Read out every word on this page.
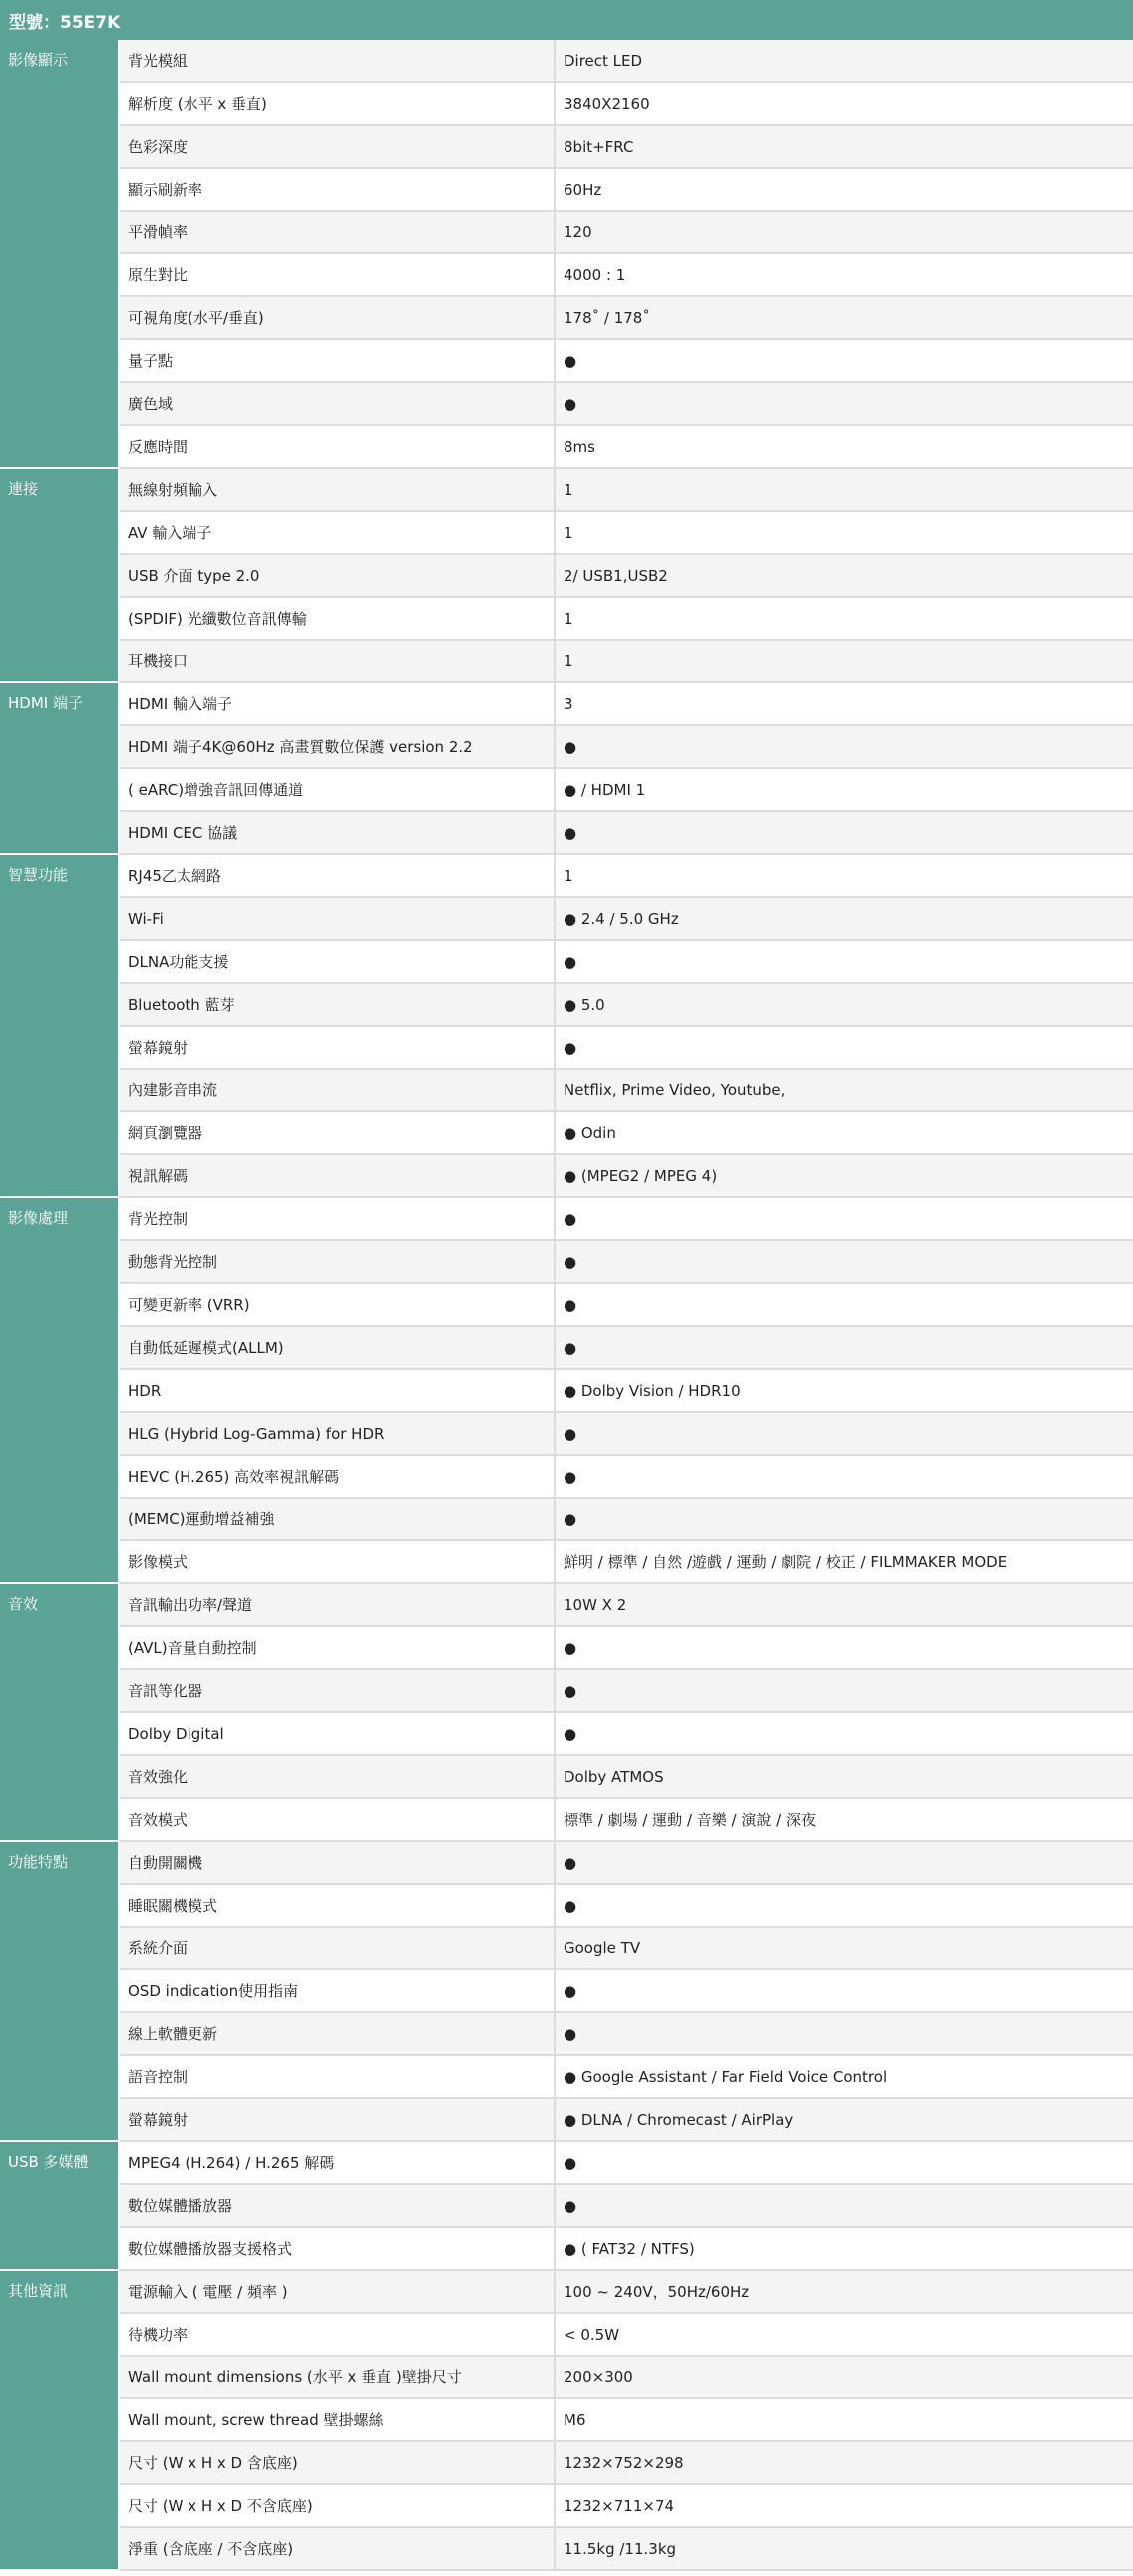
型號：55E7K		
影像顯示	背光模組	Direct LED
	解析度 (水平 x 垂直)	3840X2160
	色彩深度	8bit+FRC
	顯示刷新率	60Hz
	平滑幀率	120
	原生對比	4000 : 1
	可視角度(水平/垂直)	178˚ / 178˚
	量子點	●
	廣色域	●
	反應時間	8ms
連接	無線射頻輸入	1
	AV 輸入端子	1
	USB 介面 type 2.0	2/ USB1,USB2
	(SPDIF) 光纖數位音訊傳輸	1
	耳機接口	1
HDMI 端子	HDMI 輸入端子	3
	HDMI 端子4K@60Hz 高畫質數位保護 version 2.2	●
	( eARC)增強音訊回傳通道	● / HDMI 1
	HDMI CEC 協議	●
智慧功能	RJ45乙太網路	1
	Wi-Fi	● 2.4 / 5.0 GHz
	DLNA功能支援	●
	Bluetooth 藍芽	● 5.0
	螢幕鏡射	●
	內建影音串流	Netflix, Prime Video, Youtube,
	網頁瀏覽器	● Odin
	視訊解碼	● (MPEG2 / MPEG 4)
影像處理	背光控制	●
	動態背光控制	●
	可變更新率 (VRR)	●
	自動低延遲模式(ALLM)	●
	HDR	● Dolby Vision / HDR10
	HLG (Hybrid Log-Gamma) for HDR	●
	HEVC (H.265) 高效率視訊解碼	●
	(MEMC)運動增益補強	●
	影像模式	鮮明 / 標準 / 自然 /遊戲 / 運動 / 劇院 / 校正 / FILMMAKER MODE
音效	音訊輸出功率/聲道	10W X 2
	(AVL)音量自動控制	●
	音訊等化器	●
	Dolby Digital	●
	音效強化	Dolby ATMOS
	音效模式	標準 / 劇場 / 運動 / 音樂 / 演說 / 深夜
功能特點	自動開關機	●
	睡眠關機模式	●
	系統介面	Google TV
	OSD indication使用指南	●
	線上軟體更新	●
	語音控制	● Google Assistant / Far Field Voice Control
	螢幕鏡射	● DLNA / Chromecast / AirPlay
USB 多媒體	MPEG4 (H.264) / H.265 解碼	●
	數位媒體播放器	●
	數位媒體播放器支援格式	● ( FAT32 / NTFS)
其他資訊	電源輸入 ( 電壓 / 頻率 )	100 ~ 240V，50Hz/60Hz
	待機功率	< 0.5W
	Wall mount dimensions (水平 x 垂直 )壁掛尺寸	200×300
	Wall mount, screw thread 壁掛螺絲	M6
	尺寸 (W x H x D 含底座)	1232×752×298
	尺寸 (W x H x D 不含底座)	1232×711×74
	淨重 (含底座 / 不含底座)	11.5kg /11.3kg
